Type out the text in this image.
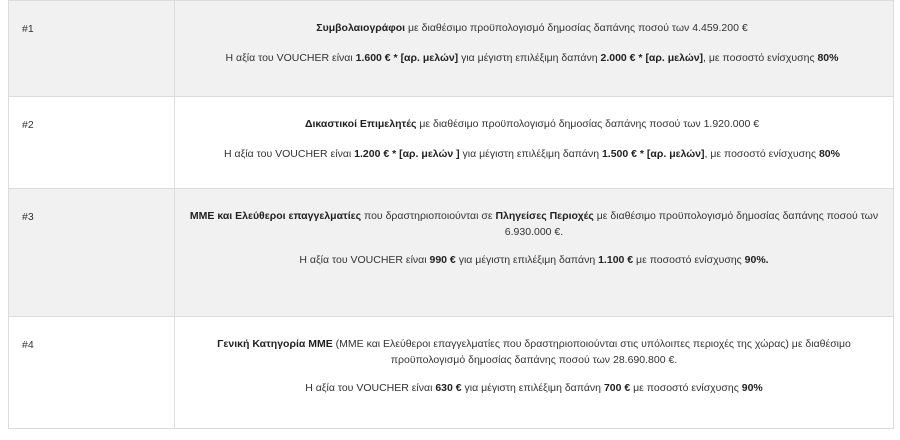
#1	Συμβολαιογράφοι με διαθέσιμο προϋπολογισμό δημοσίας δαπάνης ποσού των 4.459.200 €

Η αξία του VOUCHER είναι 1.600 € * [αρ. μελών] για μέγιστη επιλέξιμη δαπάνη 2.000 € * [αρ. μελών], με ποσοστό ενίσχυσης 80%

#2	Δικαστικοί Επιμελητές με διαθέσιμο προϋπολογισμό δημοσίας δαπάνης ποσού των 1.920.000 €

Η αξία του VOUCHER είναι 1.200 € * [αρ. μελών ] για μέγιστη επιλέξιμη δαπάνη 1.500 € * [αρ. μελών], με ποσοστό ενίσχυσης 80%

#3	ΜΜΕ και Ελεύθεροι επαγγελματίες που δραστηριοποιούνται σε Πληγείσες Περιοχές με διαθέσιμο προϋπολογισμό δημοσίας δαπάνης ποσού των 6.930.000 €.

Η αξία του VOUCHER είναι 990 € για μέγιστη επιλέξιμη δαπάνη 1.100 € με ποσοστό ενίσχυσης 90%.

#4	Γενική Κατηγορία ΜΜΕ (ΜΜΕ και Ελεύθεροι επαγγελματίες που δραστηριοποιούνται στις υπόλοιπες περιοχές της χώρας) με διαθέσιμο προϋπολογισμό δημοσίας δαπάνης ποσού των 28.690.800 €.

Η αξία του VOUCHER είναι 630 € για μέγιστη επιλέξιμη δαπάνη 700 € με ποσοστό ενίσχυσης 90%
